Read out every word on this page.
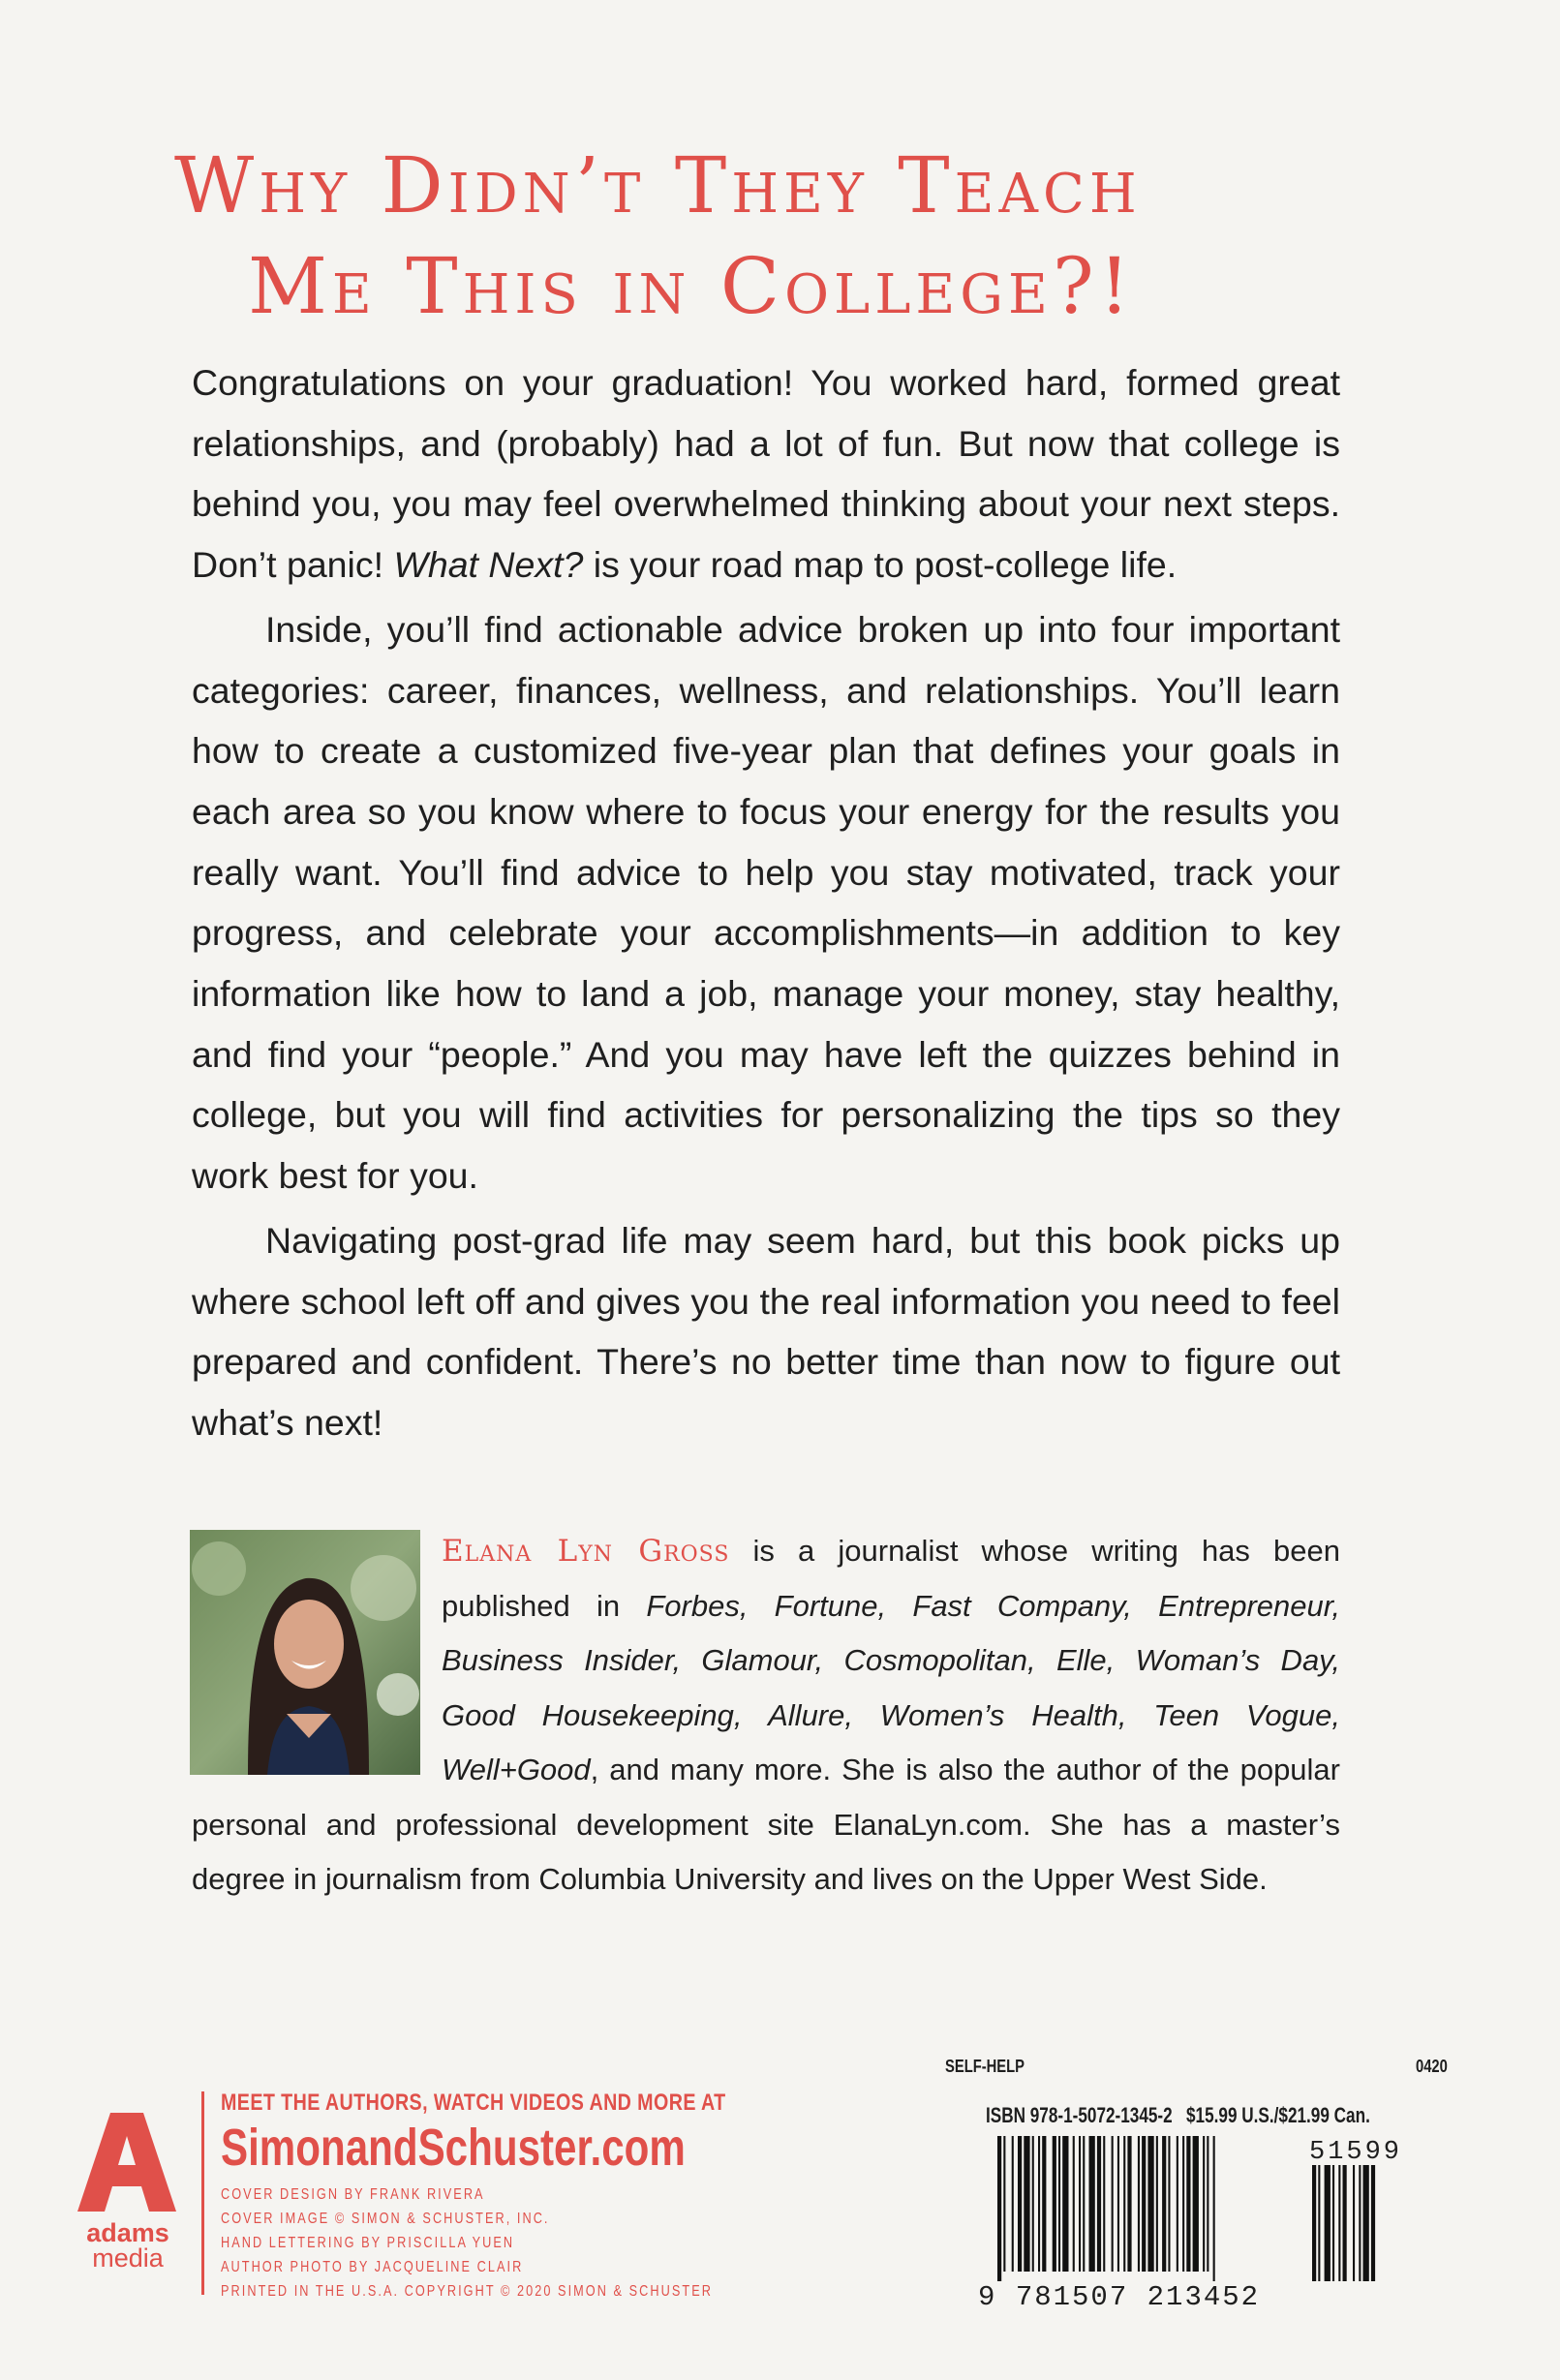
Why Didn’t They Teach
Me This in College?!

Congratulations on your graduation! You worked hard, formed great relationships, and (probably) had a lot of fun. But now that college is behind you, you may feel overwhelmed thinking about your next steps. Don’t panic! What Next? is your road map to post-college life.

Inside, you’ll find actionable advice broken up into four important categories: career, finances, wellness, and relationships. You’ll learn how to create a customized five-year plan that defines your goals in each area so you know where to focus your energy for the results you really want. You’ll find advice to help you stay motivated, track your progress, and celebrate your accomplishments—in addition to key information like how to land a job, manage your money, stay healthy, and find your “people.” And you may have left the quizzes behind in college, but you will find activities for personalizing the tips so they work best for you.

Navigating post-grad life may seem hard, but this book picks up where school left off and gives you the real information you need to feel prepared and confident. There’s no better time than now to figure out what’s next!

Elana Lyn Gross is a journalist whose writing has been published in Forbes, Fortune, Fast Company, Entrepreneur, Business Insider, Glamour, Cosmopolitan, Elle, Woman’s Day, Good Housekeeping, Allure, Women’s Health, Teen Vogue, Well+Good, and many more. She is also the author of the popular personal and professional development site ElanaLyn.com. She has a master’s degree in journalism from Columbia University and lives on the Upper West Side.
adams
media
MEET THE AUTHORS, WATCH VIDEOS AND MORE AT
SimonandSchuster.com
COVER DESIGN BY FRANK RIVERA
COVER IMAGE © SIMON & SCHUSTER, INC.
HAND LETTERING BY PRISCILLA YUEN
AUTHOR PHOTO BY JACQUELINE CLAIR
PRINTED IN THE U.S.A. COPYRIGHT © 2020 SIMON & SCHUSTER
SELF-HELP	0420
ISBN 978-1-5072-1345-2 $15.99 U.S./$21.99 Can.
9 781507 213452
51599
